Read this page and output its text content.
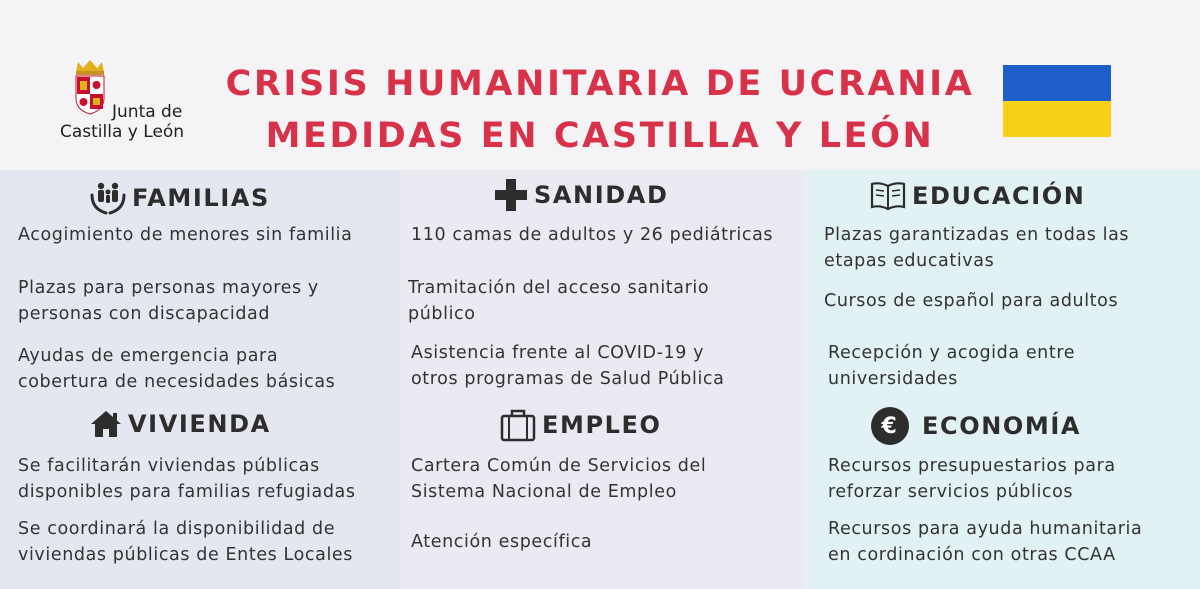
Junta de
Castilla y León
CRISIS HUMANITARIA DE UCRANIA
MEDIDAS EN CASTILLA Y LEÓN
FAMILIAS
Acogimiento de menores sin familia
Plazas para personas mayores y
personas con discapacidad
Ayudas de emergencia para
cobertura de necesidades básicas
SANIDAD
110 camas de adultos y 26 pediátricas
Tramitación del acceso sanitario
público
Asistencia frente al COVID-19 y
otros programas de Salud Pública
EDUCACIÓN
Plazas garantizadas en todas las
etapas educativas
Cursos de español para adultos
Recepción y acogida entre
universidades
VIVIENDA
Se facilitarán viviendas públicas
disponibles para familias refugiadas
Se coordinará la disponibilidad de
viviendas públicas de Entes Locales
EMPLEO
Cartera Común de Servicios del
Sistema Nacional de Empleo
Atención específica
€ ECONOMÍA
Recursos presupuestarios para
reforzar servicios públicos
Recursos para ayuda humanitaria
en cordinación con otras CCAA
